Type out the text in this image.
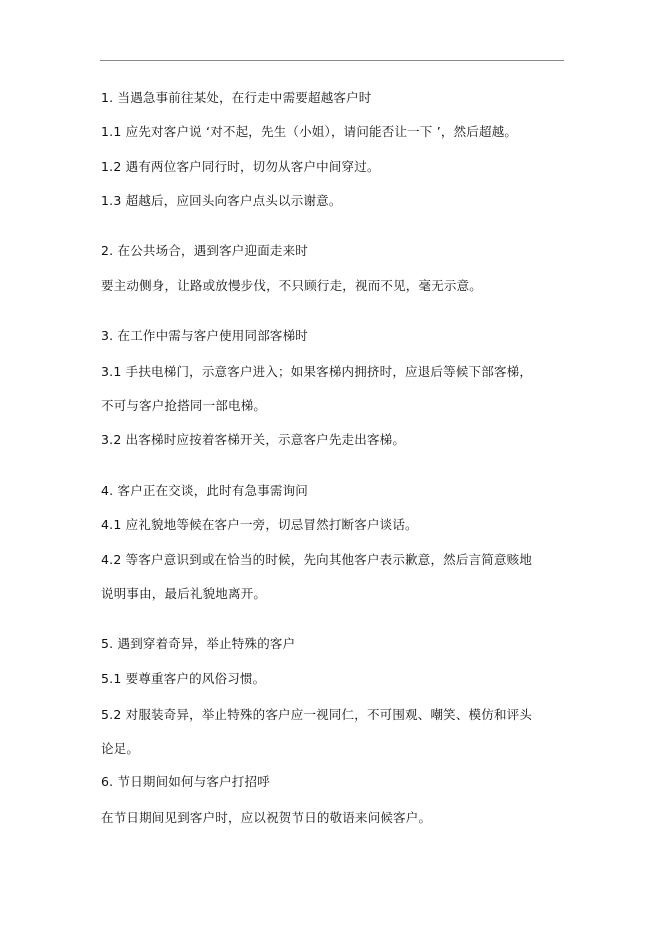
1. 当遇急事前往某处，在行走中需要超越客户时
1.1 应先对客户说 ‘对不起，先生（小姐），请问能否让一下 ’，然后超越。
1.2 遇有两位客户同行时，切勿从客户中间穿过。
1.3 超越后，应回头向客户点头以示谢意。
2. 在公共场合，遇到客户迎面走来时
要主动侧身，让路或放慢步伐，不只顾行走，视而不见，毫无示意。
3. 在工作中需与客户使用同部客梯时
3.1 手扶电梯门，示意客户进入；如果客梯内拥挤时，应退后等候下部客梯，
不可与客户抢搭同一部电梯。
3.2 出客梯时应按着客梯开关，示意客户先走出客梯。
4. 客户正在交谈，此时有急事需询问
4.1 应礼貌地等候在客户一旁，切忌冒然打断客户谈话。
4.2 等客户意识到或在恰当的时候，先向其他客户表示歉意，然后言简意赅地
说明事由，最后礼貌地离开。
5. 遇到穿着奇异，举止特殊的客户
5.1 要尊重客户的风俗习惯。
5.2 对服装奇异，举止特殊的客户应一视同仁，不可围观、嘲笑、模仿和评头
论足。
6. 节日期间如何与客户打招呼
在节日期间见到客户时，应以祝贺节日的敬语来问候客户。
